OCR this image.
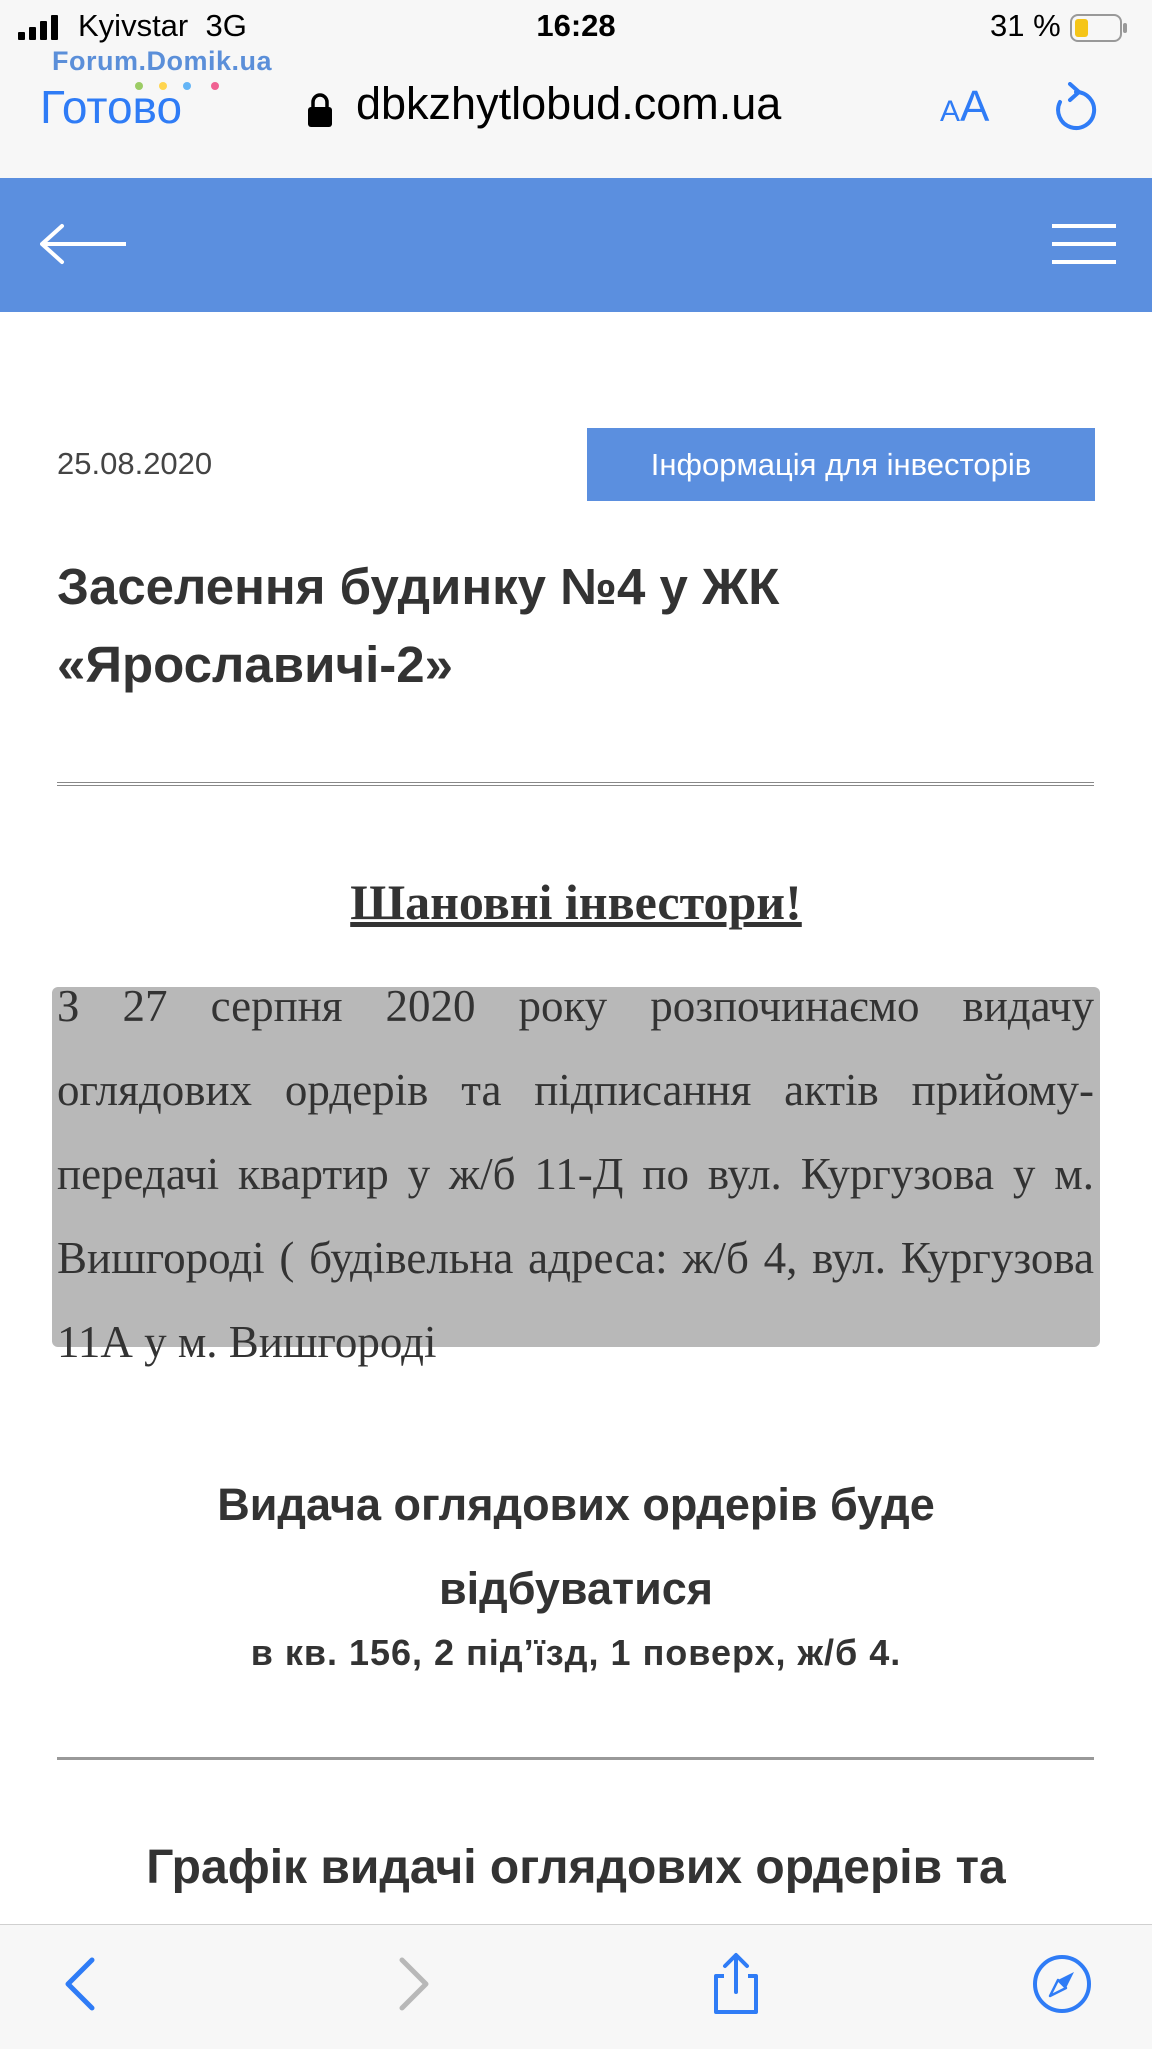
Kyivstar 3G	16:28	31 %
Forum.Domik.ua
Готово	dbkzhytlobud.com.ua	AA
25.08.2020	Інформація для інвесторів
Заселення будинку №4 у ЖК «Ярославичі-2»
Шановні інвестори!
З 27 серпня 2020 року розпочинаємо видачу оглядових ордерів та підписання актів прийому-передачі квартир у ж/б 11-Д по вул. Кургузова у м. Вишгороді ( будівельна адреса: ж/б 4, вул. Кургузова 11А у м. Вишгороді
Видача оглядових ордерів буде відбуватися
в кв. 156, 2 під’їзд, 1 поверх, ж/б 4.
Графік видачі оглядових ордерів та
